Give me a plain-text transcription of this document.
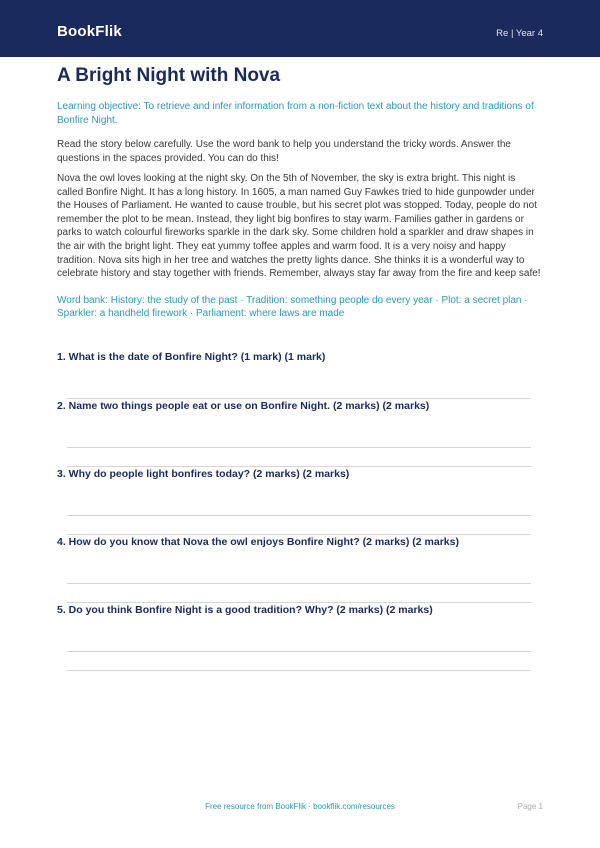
BookFlik	Re | Year 4
A Bright Night with Nova

Learning objective: To retrieve and infer information from a non-fiction text about the history and traditions of Bonfire Night.

Read the story below carefully. Use the word bank to help you understand the tricky words. Answer the questions in the spaces provided. You can do this!

Nova the owl loves looking at the night sky. On the 5th of November, the sky is extra bright. This night is called Bonfire Night. It has a long history. In 1605, a man named Guy Fawkes tried to hide gunpowder under the Houses of Parliament. He wanted to cause trouble, but his secret plot was stopped. Today, people do not remember the plot to be mean. Instead, they light big bonfires to stay warm. Families gather in gardens or parks to watch colourful fireworks sparkle in the dark sky. Some children hold a sparkler and draw shapes in the air with the bright light. They eat yummy toffee apples and warm food. It is a very noisy and happy tradition. Nova sits high in her tree and watches the pretty lights dance. She thinks it is a wonderful way to celebrate history and stay together with friends. Remember, always stay far away from the fire and keep safe!

Word bank: History: the study of the past · Tradition: something people do every year · Plot: a secret plan · Sparkler: a handheld firework · Parliament: where laws are made

1. What is the date of Bonfire Night? (1 mark) (1 mark)
2. Name two things people eat or use on Bonfire Night. (2 marks) (2 marks)
3. Why do people light bonfires today? (2 marks) (2 marks)
4. How do you know that Nova the owl enjoys Bonfire Night? (2 marks) (2 marks)
5. Do you think Bonfire Night is a good tradition? Why? (2 marks) (2 marks)
Free resource from BookFlik · bookflik.com/resources	Page 1
